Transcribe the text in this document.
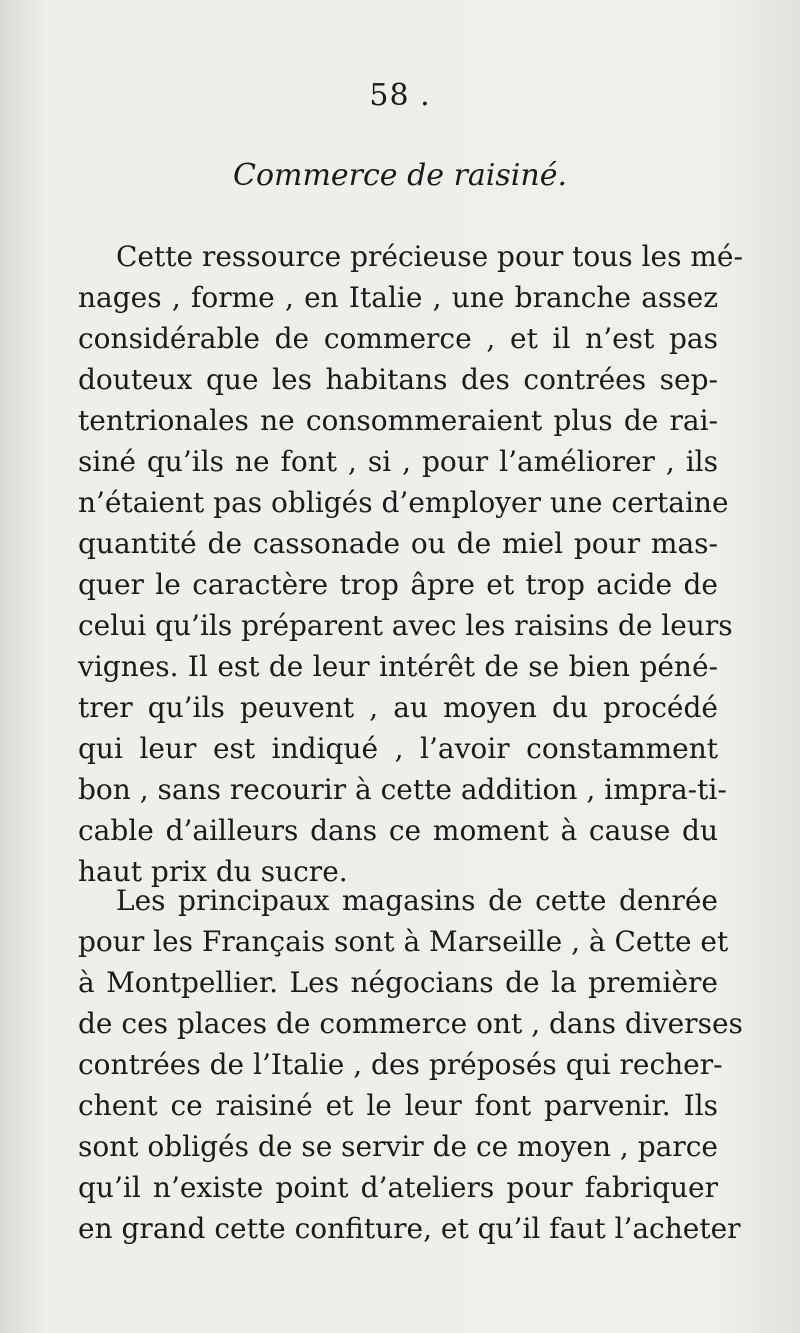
58 .
Commerce de raisiné.

Cette ressource précieuse pour tous les mé-
nages , forme , en Italie , une branche assez
considérable de commerce , et il n’est pas
douteux que les habitans des contrées sep-
tentrionales ne consommeraient plus de rai-
siné qu’ils ne font , si , pour l’améliorer , ils
n’étaient pas obligés d’employer une certaine
quantité de cassonade ou de miel pour mas-
quer le caractère trop âpre et trop acide de
celui qu’ils préparent avec les raisins de leurs
vignes. Il est de leur intérêt de se bien péné-
trer qu’ils peuvent , au moyen du procédé
qui leur est indiqué , l’avoir constamment
bon , sans recourir à cette addition , impra-ti-
cable d’ailleurs dans ce moment à cause du
haut prix du sucre.

Les principaux magasins de cette denrée
pour les Français sont à Marseille , à Cette et
à Montpellier. Les négocians de la première
de ces places de commerce ont , dans diverses
contrées de l’Italie , des préposés qui recher-
chent ce raisiné et le leur font parvenir. Ils
sont obligés de se servir de ce moyen , parce
qu’il n’existe point d’ateliers pour fabriquer
en grand cette confiture, et qu’il faut l’acheter
